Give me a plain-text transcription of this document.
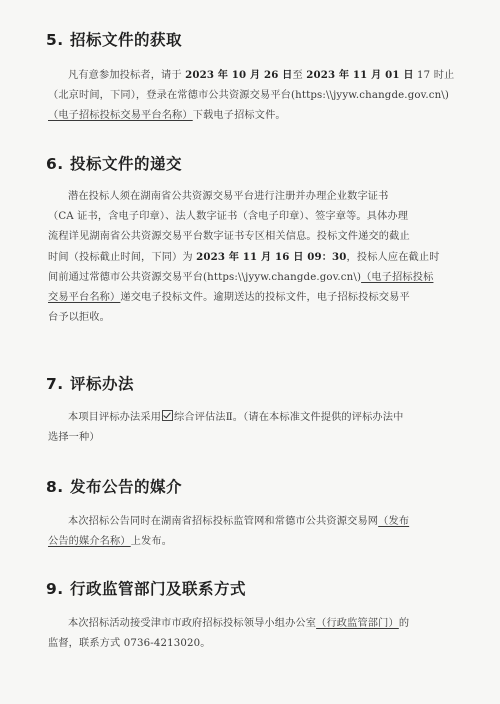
5. 招标文件的获取
凡有意参加投标者，请于 2023 年 10 月 26 日至 2023 年 11 月 01 日 17 时止
（北京时间，下同），登录在常德市公共资源交易平台(https:\\jyyw.changde.gov.cn\)
（电子招标投标交易平台名称）下载电子招标文件。
6. 投标文件的递交
潜在投标人须在湖南省公共资源交易平台进行注册并办理企业数字证书
（CA 证书，含电子印章）、法人数字证书（含电子印章）、签字章等。具体办理
流程详见湖南省公共资源交易平台数字证书专区相关信息。投标文件递交的截止
时间（投标截止时间，下同）为 2023 年 11 月 16 日 09：30，投标人应在截止时
间前通过常德市公共资源交易平台(https:\\jyyw.changde.gov.cn\)（电子招标投标
交易平台名称）递交电子投标文件。逾期送达的投标文件，电子招标投标交易平
台予以拒收。
7. 评标办法
本项目评标办法采用 综合评估法Ⅱ。（请在本标准文件提供的评标办法中
选择一种）
8. 发布公告的媒介
本次招标公告同时在湖南省招标投标监管网和常德市公共资源交易网（发布
公告的媒介名称）上发布。
9. 行政监管部门及联系方式
本次招标活动接受津市市政府招标投标领导小组办公室（行政监管部门）的
监督，联系方式 0736-4213020。
